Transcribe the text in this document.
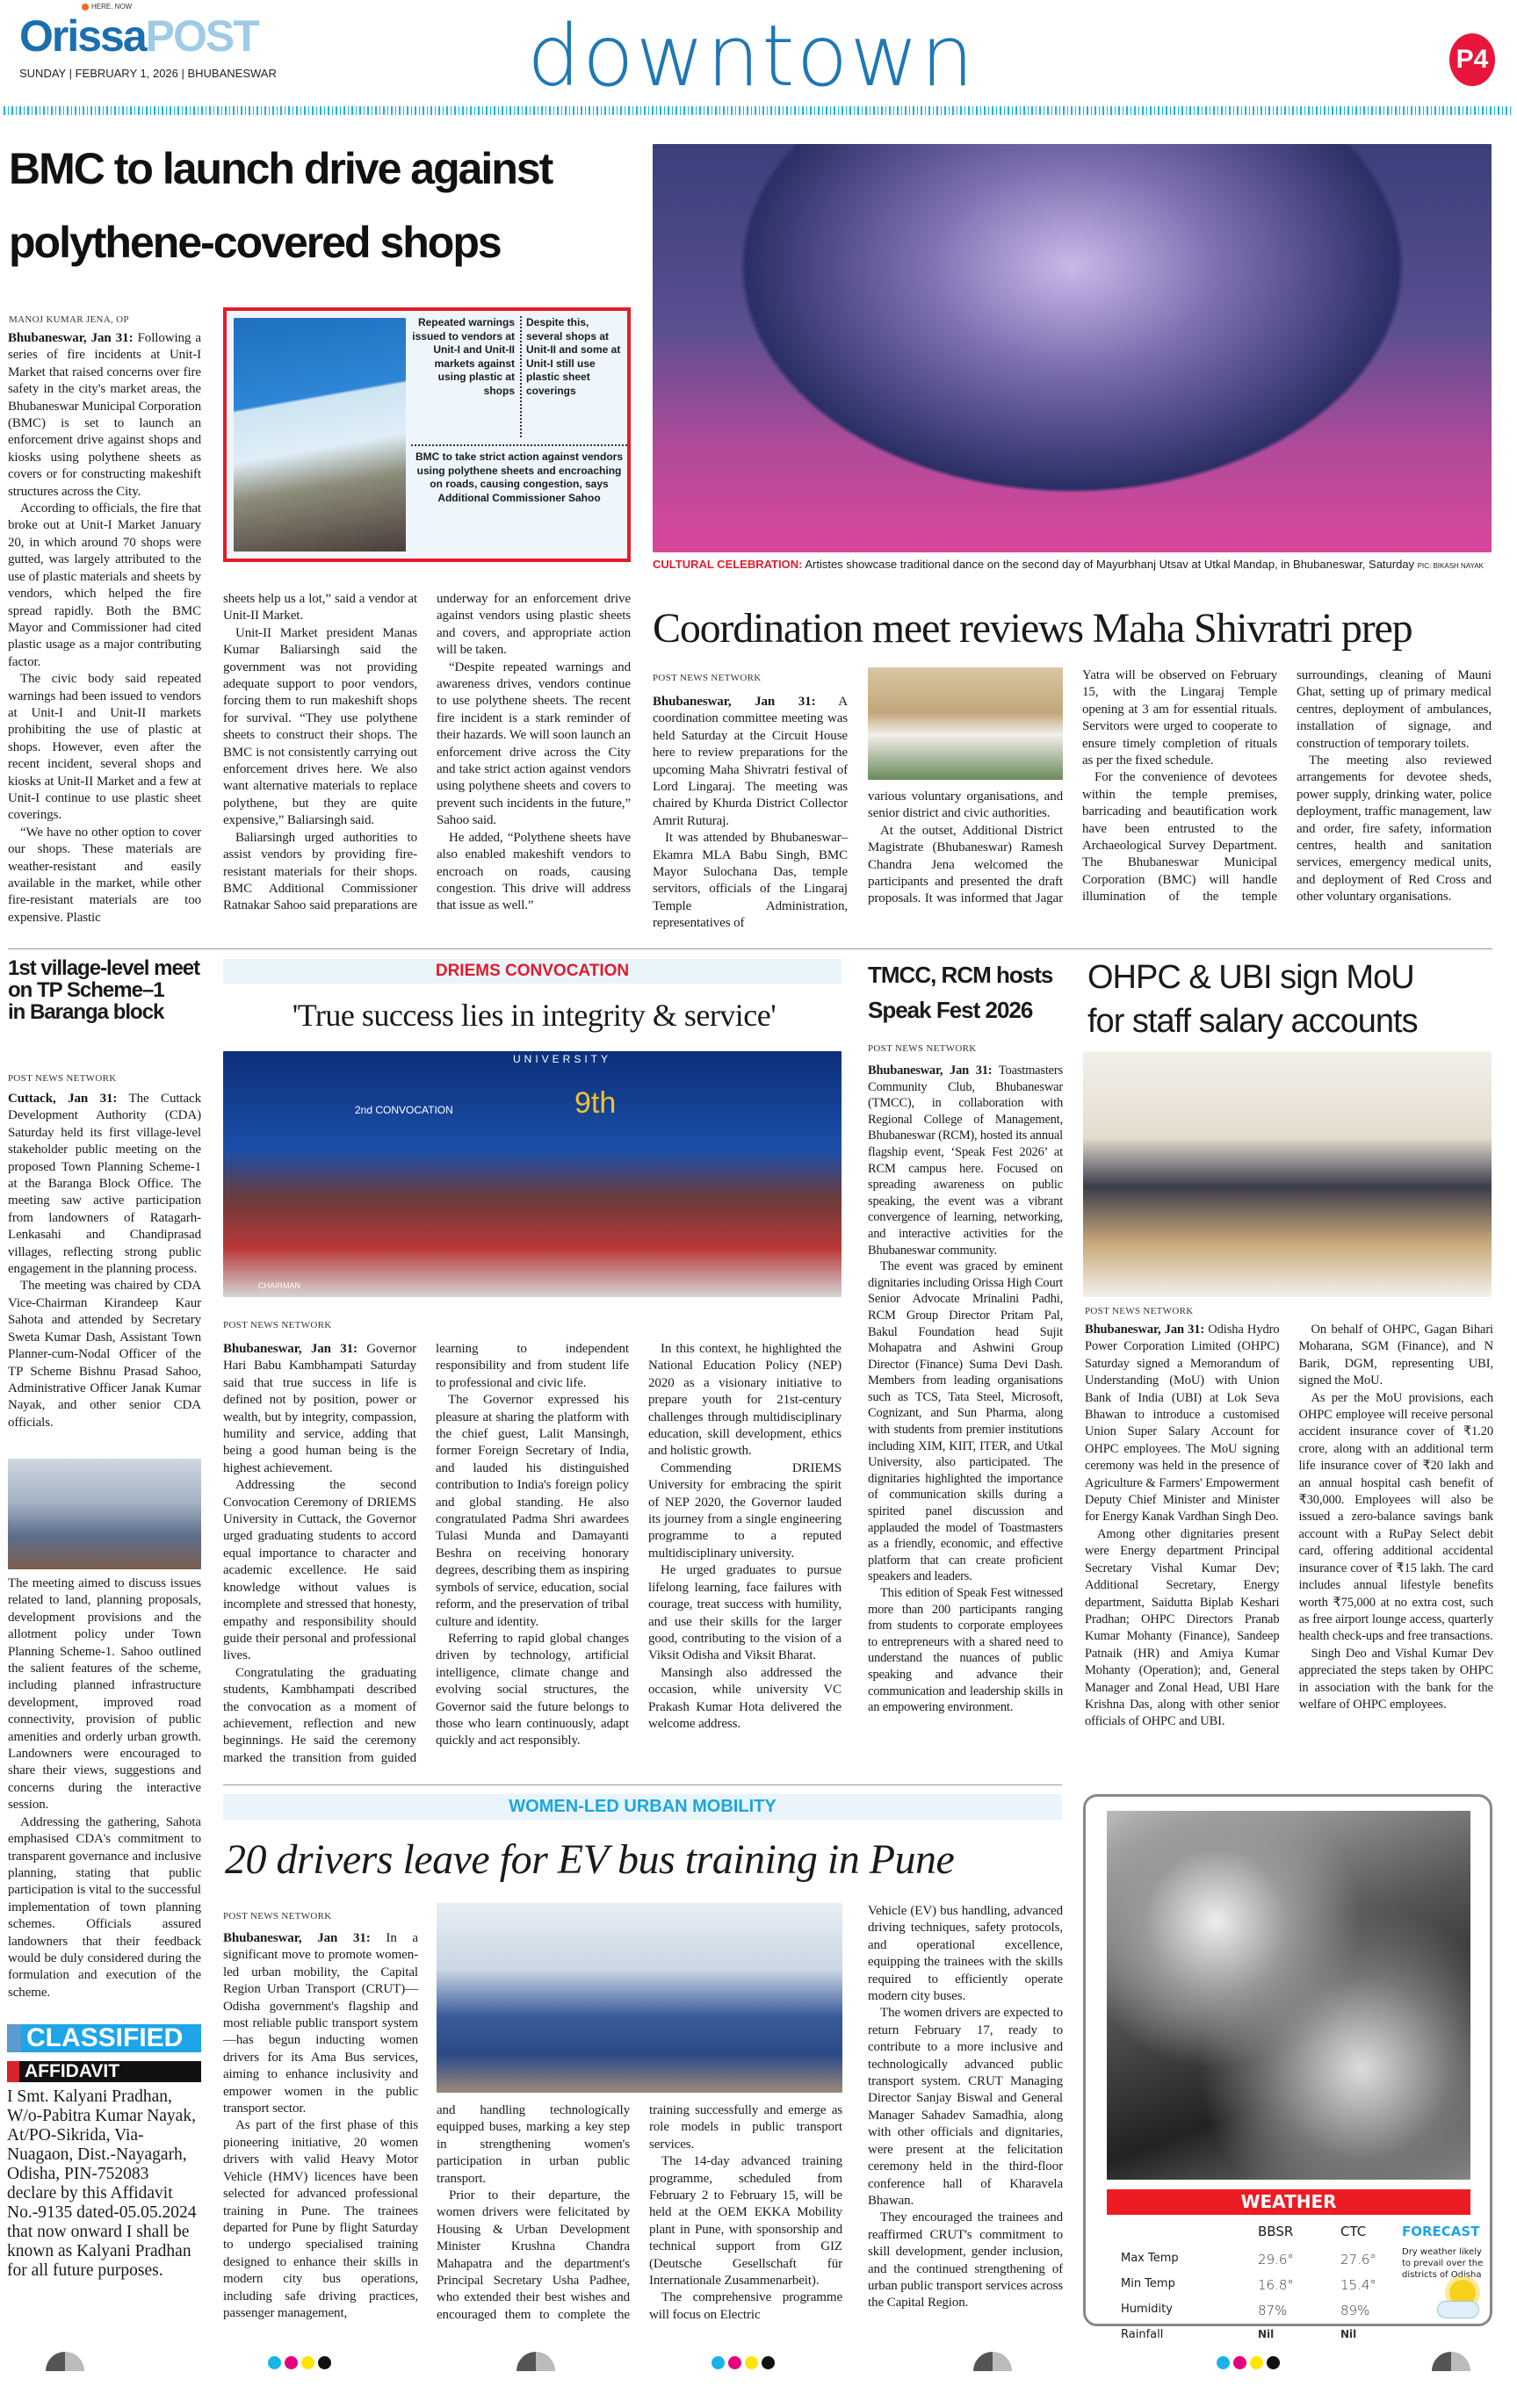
HERE. NOW
OrissaPOST
SUNDAY | FEBRUARY 1, 2026 | BHUBANESWAR	downtown	P4
BMC to launch drive against
polythene-covered shops
MANOJ KUMAR JENA, OP

Bhubaneswar, Jan 31: Following a series of fire incidents at Unit-I Market that raised concerns over fire safety in the city's market areas, the Bhubaneswar Municipal Corporation (BMC) is set to launch an enforcement drive against shops and kiosks using polythene sheets as covers or for constructing makeshift structures across the City.

According to officials, the fire that broke out at Unit-I Market January 20, in which around 70 shops were gutted, was largely attributed to the use of plastic materials and sheets by vendors, which helped the fire spread rapidly. Both the BMC Mayor and Commissioner had cited plastic usage as a major contributing factor.

The civic body said repeated warnings had been issued to vendors at Unit-I and Unit-II markets prohibiting the use of plastic at shops. However, even after the recent incident, several shops and kiosks at Unit-II Market and a few at Unit-I continue to use plastic sheet coverings.

“We have no other option to cover our shops. These materials are weather-resistant and easily available in the market, while other fire-resistant materials are too expensive. Plastic

Repeated warnings issued to vendors at Unit-I and Unit-II markets against using plastic at shops
Despite this, several shops at Unit-II and some at Unit-I still use plastic sheet coverings
BMC to take strict action against vendors using polythene sheets and encroaching on roads, causing congestion, says Additional Commissioner Sahoo

sheets help us a lot,” said a vendor at Unit-II Market.

Unit-II Market president Manas Kumar Baliarsingh said the government was not providing adequate support to poor vendors, forcing them to run makeshift shops for survival. “They use polythene sheets to construct their shops. The BMC is not consistently carrying out enforcement drives here. We also want alternative materials to replace polythene, but they are quite expensive,” Baliarsingh said.

Baliarsingh urged authorities to assist vendors by providing fire-resistant materials for their shops. BMC Additional Commissioner Ratnakar Sahoo said preparations are underway for an enforcement drive against vendors using plastic sheets and covers, and appropriate action will be taken.

“Despite repeated warnings and awareness drives, vendors continue to use polythene sheets. The recent fire incident is a stark reminder of their hazards. We will soon launch an enforcement drive across the City and take strict action against vendors using polythene sheets and covers to prevent such incidents in the future,” Sahoo said.

He added, “Polythene sheets have also enabled makeshift vendors to encroach on roads, causing congestion. This drive will address that issue as well.”

CULTURAL CELEBRATION: Artistes showcase traditional dance on the second day of Mayurbhanj Utsav at Utkal Mandap, in Bhubaneswar, Saturday PIC: BIKASH NAYAK
Coordination meet reviews Maha Shivratri prep
POST NEWS NETWORK

Bhubaneswar, Jan 31: A coordination committee meeting was held Saturday at the Circuit House here to review preparations for the upcoming Maha Shivratri festival of Lord Lingaraj. The meeting was chaired by Khurda District Collector Amrit Ruturaj.

It was attended by Bhubaneswar–Ekamra MLA Babu Singh, BMC Mayor Sulochana Das, temple servitors, officials of the Lingaraj Temple Administration, representatives of

various voluntary organisations, and senior district and civic authorities.

At the outset, Additional District Magistrate (Bhubaneswar) Ramesh Chandra Jena welcomed the participants and presented the draft proposals. It was informed that Jagar Yatra will be observed on February 15, with the Lingaraj Temple opening at 3 am for essential rituals. Servitors were urged to cooperate to ensure timely completion of rituals as per the fixed schedule.

For the convenience of devotees within the temple premises, barricading and beautification work have been entrusted to the Archaeological Survey Department. The Bhubaneswar Municipal Corporation (BMC) will handle illumination of the temple surroundings, cleaning of Mauni Ghat, setting up of primary medical centres, deployment of ambulances, installation of signage, and construction of temporary toilets.

The meeting also reviewed arrangements for devotee sheds, power supply, drinking water, police deployment, traffic management, law and order, fire safety, information centres, health and sanitation services, emergency medical units, and deployment of Red Cross and other voluntary organisations.

1st village-level meet
on TP Scheme–1
in Baranga block
POST NEWS NETWORK

Cuttack, Jan 31: The Cuttack Development Authority (CDA) Saturday held its first village-level stakeholder public meeting on the proposed Town Planning Scheme-1 at the Baranga Block Office. The meeting saw active participation from landowners of Ratagarh-Lenkasahi and Chandiprasad villages, reflecting strong public engagement in the planning process.

The meeting was chaired by CDA Vice-Chairman Kirandeep Kaur Sahota and attended by Secretary Sweta Kumar Dash, Assistant Town Planner-cum-Nodal Officer of the TP Scheme Bishnu Prasad Sahoo, Administrative Officer Janak Kumar Nayak, and other senior CDA officials.

The meeting aimed to discuss issues related to land, planning proposals, development provisions and the allotment policy under Town Planning Scheme-1. Sahoo outlined the salient features of the scheme, including planned infrastructure development, improved road connectivity, provision of public amenities and orderly urban growth. Landowners were encouraged to share their views, suggestions and concerns during the interactive session.

Addressing the gathering, Sahota emphasised CDA's commitment to transparent governance and inclusive planning, stating that public participation is vital to the successful implementation of town planning schemes. Officials assured landowners that their feedback would be duly considered during the formulation and execution of the scheme.

DRIEMS CONVOCATION
'True success lies in integrity & service'
UNIVERSITY
2nd CONVOCATION	9th
CHAIRMAN
POST NEWS NETWORK

Bhubaneswar, Jan 31: Governor Hari Babu Kambhampati Saturday said that true success in life is defined not by position, power or wealth, but by integrity, compassion, humility and service, adding that being a good human being is the highest achievement.

Addressing the second Convocation Ceremony of DRIEMS University in Cuttack, the Governor urged graduating students to accord equal importance to character and academic excellence. He said knowledge without values is incomplete and stressed that honesty, empathy and responsibility should guide their personal and professional lives.

Congratulating the graduating students, Kambhampati described the convocation as a moment of achievement, reflection and new beginnings. He said the ceremony marked the transition from guided learning to independent responsibility and from student life to professional and civic life.

The Governor expressed his pleasure at sharing the platform with the chief guest, Lalit Mansingh, former Foreign Secretary of India, and lauded his distinguished contribution to India's foreign policy and global standing. He also congratulated Padma Shri awardees Tulasi Munda and Damayanti Beshra on receiving honorary degrees, describing them as inspiring symbols of service, education, social reform, and the preservation of tribal culture and identity.

Referring to rapid global changes driven by technology, artificial intelligence, climate change and evolving social structures, the Governor said the future belongs to those who learn continuously, adapt quickly and act responsibly.

In this context, he highlighted the National Education Policy (NEP) 2020 as a visionary initiative to prepare youth for 21st-century challenges through multidisciplinary education, skill development, ethics and holistic growth.

Commending DRIEMS University for embracing the spirit of NEP 2020, the Governor lauded its journey from a single engineering programme to a reputed multidisciplinary university.

He urged graduates to pursue lifelong learning, face failures with courage, treat success with humility, and use their skills for the larger good, contributing to the vision of a Viksit Odisha and Viksit Bharat.

Mansingh also addressed the occasion, while university VC Prakash Kumar Hota delivered the welcome address.

TMCC, RCM hosts
Speak Fest 2026
POST NEWS NETWORK

Bhubaneswar, Jan 31: Toastmasters Community Club, Bhubaneswar (TMCC), in collaboration with Regional College of Management, Bhubaneswar (RCM), hosted its annual flagship event, ‘Speak Fest 2026’ at RCM campus here. Focused on spreading awareness on public speaking, the event was a vibrant convergence of learning, networking, and interactive activities for the Bhubaneswar community.

The event was graced by eminent dignitaries including Orissa High Court Senior Advocate Mrinalini Padhi, RCM Group Director Pritam Pal, Bakul Foundation head Sujit Mohapatra and Ashwini Group Director (Finance) Suma Devi Dash. Members from leading organisations such as TCS, Tata Steel, Microsoft, Cognizant, and Sun Pharma, along with students from premier institutions including XIM, KIIT, ITER, and Utkal University, also participated. The dignitaries highlighted the importance of communication skills during a spirited panel discussion and applauded the model of Toastmasters as a friendly, economic, and effective platform that can create proficient speakers and leaders.

This edition of Speak Fest witnessed more than 200 participants ranging from students to corporate employees to entrepreneurs with a shared need to understand the nuances of public speaking and advance their communication and leadership skills in an empowering environment.

OHPC & UBI sign MoU
for staff salary accounts
POST NEWS NETWORK

Bhubaneswar, Jan 31: Odisha Hydro Power Corporation Limited (OHPC) Saturday signed a Memorandum of Understanding (MoU) with Union Bank of India (UBI) at Lok Seva Bhawan to introduce a customised Union Super Salary Account for OHPC employees. The MoU signing ceremony was held in the presence of Agriculture & Farmers' Empowerment Deputy Chief Minister and Minister for Energy Kanak Vardhan Singh Deo.

Among other dignitaries present were Energy department Principal Secretary Vishal Kumar Dev; Additional Secretary, Energy department, Saidutta Biplab Keshari Pradhan; OHPC Directors Pranab Kumar Mohanty (Finance), Sandeep Patnaik (HR) and Amiya Kumar Mohanty (Operation); and, General Manager and Zonal Head, UBI Hare Krishna Das, along with other senior officials of OHPC and UBI.

On behalf of OHPC, Gagan Bihari Moharana, SGM (Finance), and N Barik, DGM, representing UBI, signed the MoU.

As per the MoU provisions, each OHPC employee will receive personal accident insurance cover of ₹1.20 crore, along with an additional term life insurance cover of ₹20 lakh and an annual hospital cash benefit of ₹30,000. Employees will also be issued a zero-balance savings bank account with a RuPay Select debit card, offering additional accidental insurance cover of ₹15 lakh. The card includes annual lifestyle benefits worth ₹75,000 at no extra cost, such as free airport lounge access, quarterly health check-ups and free transactions.

Singh Deo and Vishal Kumar Dev appreciated the steps taken by OHPC in association with the bank for the welfare of OHPC employees.

WOMEN-LED URBAN MOBILITY
20 drivers leave for EV bus training in Pune
POST NEWS NETWORK

Bhubaneswar, Jan 31: In a significant move to promote women-led urban mobility, the Capital Region Urban Transport (CRUT)—Odisha government's flagship and most reliable public transport system—has begun inducting women drivers for its Ama Bus services, aiming to enhance inclusivity and empower women in the public transport sector.

As part of the first phase of this pioneering initiative, 20 women drivers with valid Heavy Motor Vehicle (HMV) licences have been selected for advanced professional training in Pune. The trainees departed for Pune by flight Saturday to undergo specialised training designed to enhance their skills in modern city bus operations, including safe driving practices, passenger management,

and handling technologically equipped buses, marking a key step in strengthening women's participation in urban public transport.

Prior to their departure, the women drivers were felicitated by Housing & Urban Development Minister Krushna Chandra Mahapatra and the department's Principal Secretary Usha Padhee, who extended their best wishes and encouraged them to complete the training successfully and emerge as role models in public transport services.

The 14-day advanced training programme, scheduled from February 2 to February 15, will be held at the OEM EKKA Mobility plant in Pune, with sponsorship and technical support from GIZ (Deutsche Gesellschaft für Internationale Zusammenarbeit).

The comprehensive programme will focus on Electric

Vehicle (EV) bus handling, advanced driving techniques, safety protocols, and operational excellence, equipping the trainees with the skills required to efficiently operate modern city buses.

The women drivers are expected to return February 17, ready to contribute to a more inclusive and technologically advanced public transport system. CRUT Managing Director Sanjay Biswal and General Manager Sahadev Samadhia, along with other officials and dignitaries, were present at the felicitation ceremony held in the third-floor conference hall of Kharavela Bhawan.

They encouraged the trainees and reaffirmed CRUT's commitment to skill development, gender inclusion, and the continued strengthening of urban public transport services across the Capital Region.

WEATHER
BBSR	CTC	FORECAST
Dry weather likely to prevail over the districts of Odisha
Max Temp	29.6°	27.6°
Min Temp	16.8°	15.4°
Humidity	87%	89%
Rainfall	Nil	Nil
CLASSIFIED
AFFIDAVIT
I Smt. Kalyani Pradhan, W/o-Pabitra Kumar Nayak, At/PO-Sikrida, Via-Nuagaon, Dist.-Nayagarh, Odisha, PIN-752083 declare by this Affidavit No.-9135 dated-05.05.2024 that now onward I shall be known as Kalyani Pradhan for all future purposes.
